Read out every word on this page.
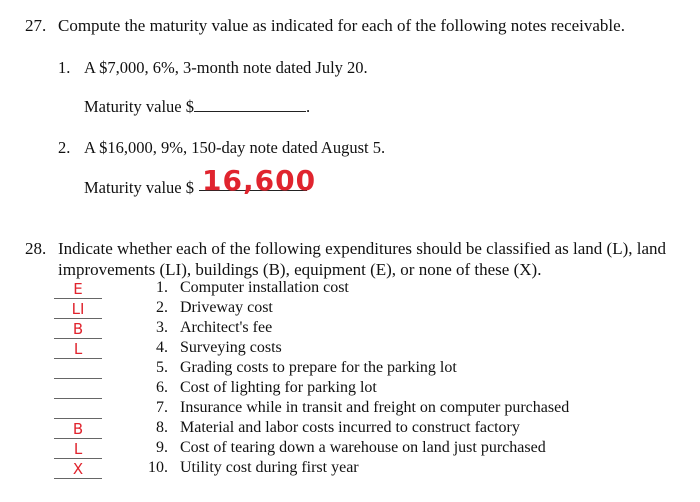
27. Compute the maturity value as indicated for each of the following notes receivable.
1. A $7,000, 6%, 3-month note dated July 20.
Maturity value $	.
2. A $16,000, 9%, 150-day note dated August 5.
Maturity value $ 16,600
28. Indicate whether each of the following expenditures should be classified as land (L), land
improvements (LI), buildings (B), equipment (E), or none of these (X).
E	1. Computer installation cost
LI	2. Driveway cost
B	3. Architect's fee
L	4. Surveying costs
5. Grading costs to prepare for the parking lot
6. Cost of lighting for parking lot
7. Insurance while in transit and freight on computer purchased
B	8. Material and labor costs incurred to construct factory
L	9. Cost of tearing down a warehouse on land just purchased
X	10. Utility cost during first year
